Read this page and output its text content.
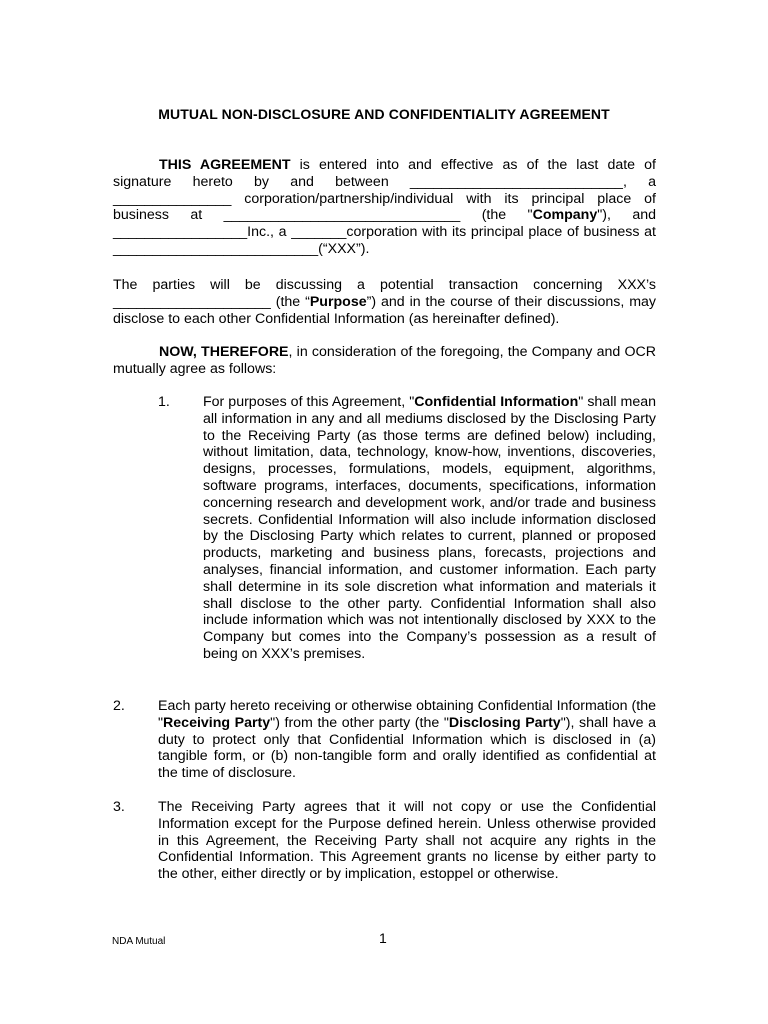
MUTUAL NON-DISCLOSURE AND CONFIDENTIALITY AGREEMENT

THIS AGREEMENT is entered into and effective as of the last date of signature hereto by and between ___________________________, a _______________ corporation/partnership/individual with its principal place of business at ______________________________ (the "Company"), and _________________Inc., a _______corporation with its principal place of business at __________________________(“XXX”).

The parties will be discussing a potential transaction concerning XXX’s ____________________ (the “Purpose”) and in the course of their discussions, may disclose to each other Confidential Information (as hereinafter defined).

NOW, THEREFORE, in consideration of the foregoing, the Company and OCR mutually agree as follows:

1. For purposes of this Agreement, "Confidential Information" shall mean all information in any and all mediums disclosed by the Disclosing Party to the Receiving Party (as those terms are defined below) including, without limitation, data, technology, know-how, inventions, discoveries, designs, processes, formulations, models, equipment, algorithms, software programs, interfaces, documents, specifications, information concerning research and development work, and/or trade and business secrets. Confidential Information will also include information disclosed by the Disclosing Party which relates to current, planned or proposed products, marketing and business plans, forecasts, projections and analyses, financial information, and customer information. Each party shall determine in its sole discretion what information and materials it shall disclose to the other party. Confidential Information shall also include information which was not intentionally disclosed by XXX to the Company but comes into the Company’s possession as a result of being on XXX’s premises.
2. Each party hereto receiving or otherwise obtaining Confidential Information (the "Receiving Party") from the other party (the "Disclosing Party"), shall have a duty to protect only that Confidential Information which is disclosed in (a) tangible form, or (b) non-tangible form and orally identified as confidential at the time of disclosure.
3. The Receiving Party agrees that it will not copy or use the Confidential Information except for the Purpose defined herein. Unless otherwise provided in this Agreement, the Receiving Party shall not acquire any rights in the Confidential Information. This Agreement grants no license by either party to the other, either directly or by implication, estoppel or otherwise.
NDA Mutual	1
